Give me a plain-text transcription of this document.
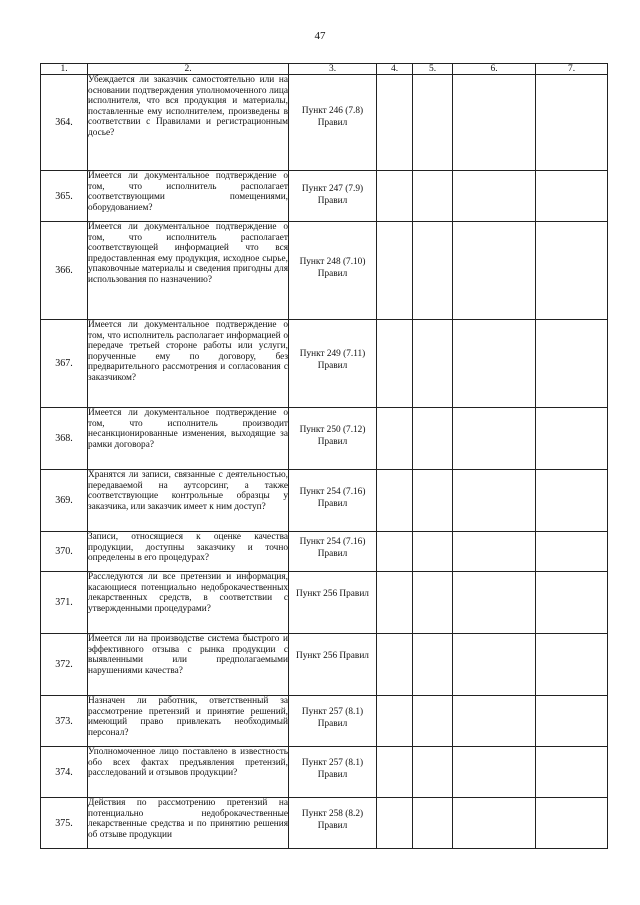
47
1.	2.	3.	4.	5.	6.	7.
364.	Убеждается ли заказчик самостоятельно или на основании подтверждения уполномоченного лица исполнителя, что вся продукция и материалы, поставленные ему исполнителем, произведены в соответствии с Правилами и регистрационным досье?	Пункт 246 (7.8) Правил				
365.	Имеется ли документальное подтверждение о том, что исполнитель располагает соответствующими помещениями, оборудованием?	Пункт 247 (7.9) Правил				
366.	Имеется ли документальное подтверждение о том, что исполнитель располагает соответствующей информацией что вся предоставленная ему продукция, исходное сырье, упаковочные материалы и сведения пригодны для использования по назначению?	Пункт 248 (7.10) Правил				
367.	Имеется ли документальное подтверждение о том, что исполнитель располагает информацией о передаче третьей стороне работы или услуги, порученные ему по договору, без предварительного рассмотрения и согласования с заказчиком?	Пункт 249 (7.11) Правил				
368.	Имеется ли документальное подтверждение о том, что исполнитель производит несанкционированные изменения, выходящие за рамки договора?	Пункт 250 (7.12) Правил				
369.	Хранятся ли записи, связанные с деятельностью, передаваемой на аутсорсинг, а также соответствующие контрольные образцы у заказчика, или заказчик имеет к ним доступ?	Пункт 254 (7.16) Правил				
370.	Записи, относящиеся к оценке качества продукции, доступны заказчику и точно определены в его процедурах?	Пункт 254 (7.16) Правил				
371.	Расследуются ли все претензии и информация, касающиеся потенциально недоброкачественных лекарственных средств, в соответствии с утвержденными процедурами?	Пункт 256 Правил				
372.	Имеется ли на производстве система быстрого и эффективного отзыва с рынка продукции с выявленными или предполагаемыми нарушениями качества?	Пункт 256 Правил				
373.	Назначен ли работник, ответственный за рассмотрение претензий и принятие решений, имеющий право привлекать необходимый персонал?	Пункт 257 (8.1) Правил				
374.	Уполномоченное лицо поставлено в известность обо всех фактах предъявления претензий, расследований и отзывов продукции?	Пункт 257 (8.1) Правил				
375.	Действия по рассмотрению претензий на потенциально недоброкачественные лекарственные средства и по принятию решения об отзыве продукции	Пункт 258 (8.2) Правил				
